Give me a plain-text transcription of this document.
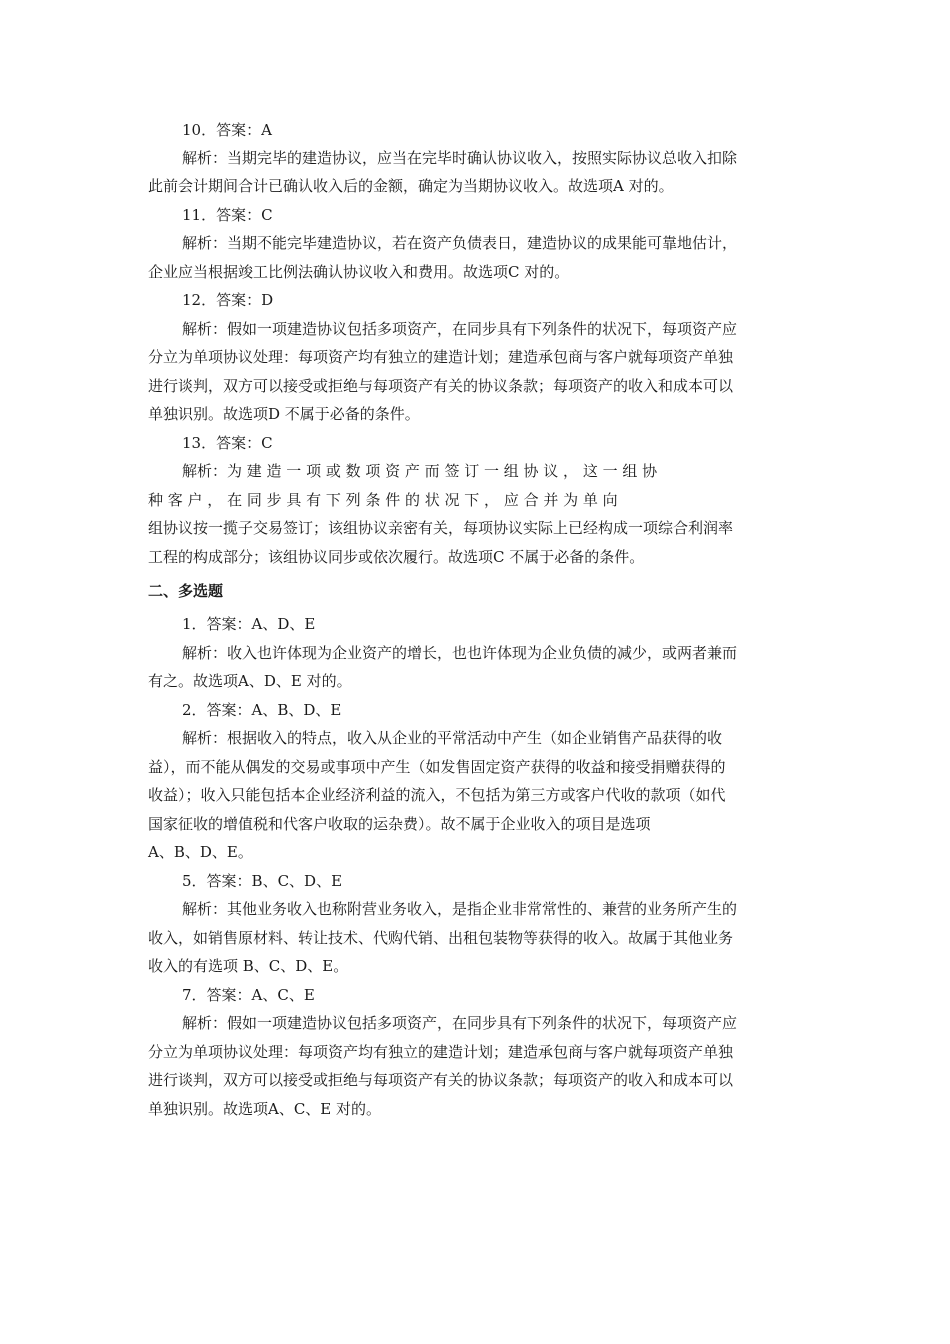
10．答案：A
解析：当期完毕的建造协议，应当在完毕时确认协议收入，按照实际协议总收入扣除
此前会计期间合计已确认收入后的金额，确定为当期协议收入。故选项A 对的。
11．答案：C
解析：当期不能完毕建造协议，若在资产负债表日，建造协议的成果能可靠地估计，
企业应当根据竣工比例法确认协议收入和费用。故选项C 对的。
12．答案：D
解析：假如一项建造协议包括多项资产，在同步具有下列条件的状况下，每项资产应
分立为单项协议处理：每项资产均有独立的建造计划；建造承包商与客户就每项资产单独
进行谈判，双方可以接受或拒绝与每项资产有关的协议条款；每项资产的收入和成本可以
单独识别。故选项D 不属于必备的条件。
13．答案：C
解析：为 建 造 一 项 或 数 项 资 产 而 签 订 一 组 协 议 ， 这 一 组 协
种 客 户 ， 在 同 步 具 有 下 列 条 件 的 状 况 下 ， 应 合 并 为 单 向
组协议按一揽子交易签订；该组协议亲密有关，每项协议实际上已经构成一项综合利润率
工程的构成部分；该组协议同步或依次履行。故选项C 不属于必备的条件。
二、多选题
1．答案：A、D、E
解析：收入也许体现为企业资产的增长，也也许体现为企业负债的减少，或两者兼而
有之。故选项A、D、E 对的。
2．答案：A、B、D、E
解析：根据收入的特点，收入从企业的平常活动中产生（如企业销售产品获得的收
益），而不能从偶发的交易或事项中产生（如发售固定资产获得的收益和接受捐赠获得的
收益）；收入只能包括本企业经济利益的流入，不包括为第三方或客户代收的款项（如代
国家征收的增值税和代客户收取的运杂费）。故不属于企业收入的项目是选项
A、B、D、E。
5．答案：B、C、D、E
解析：其他业务收入也称附营业务收入，是指企业非常常性的、兼营的业务所产生的
收入，如销售原材料、转让技术、代购代销、出租包装物等获得的收入。故属于其他业务
收入的有选项 B、C、D、E。
7．答案：A、C、E
解析：假如一项建造协议包括多项资产，在同步具有下列条件的状况下，每项资产应
分立为单项协议处理：每项资产均有独立的建造计划；建造承包商与客户就每项资产单独
进行谈判，双方可以接受或拒绝与每项资产有关的协议条款；每项资产的收入和成本可以
单独识别。故选项A、C、E 对的。
